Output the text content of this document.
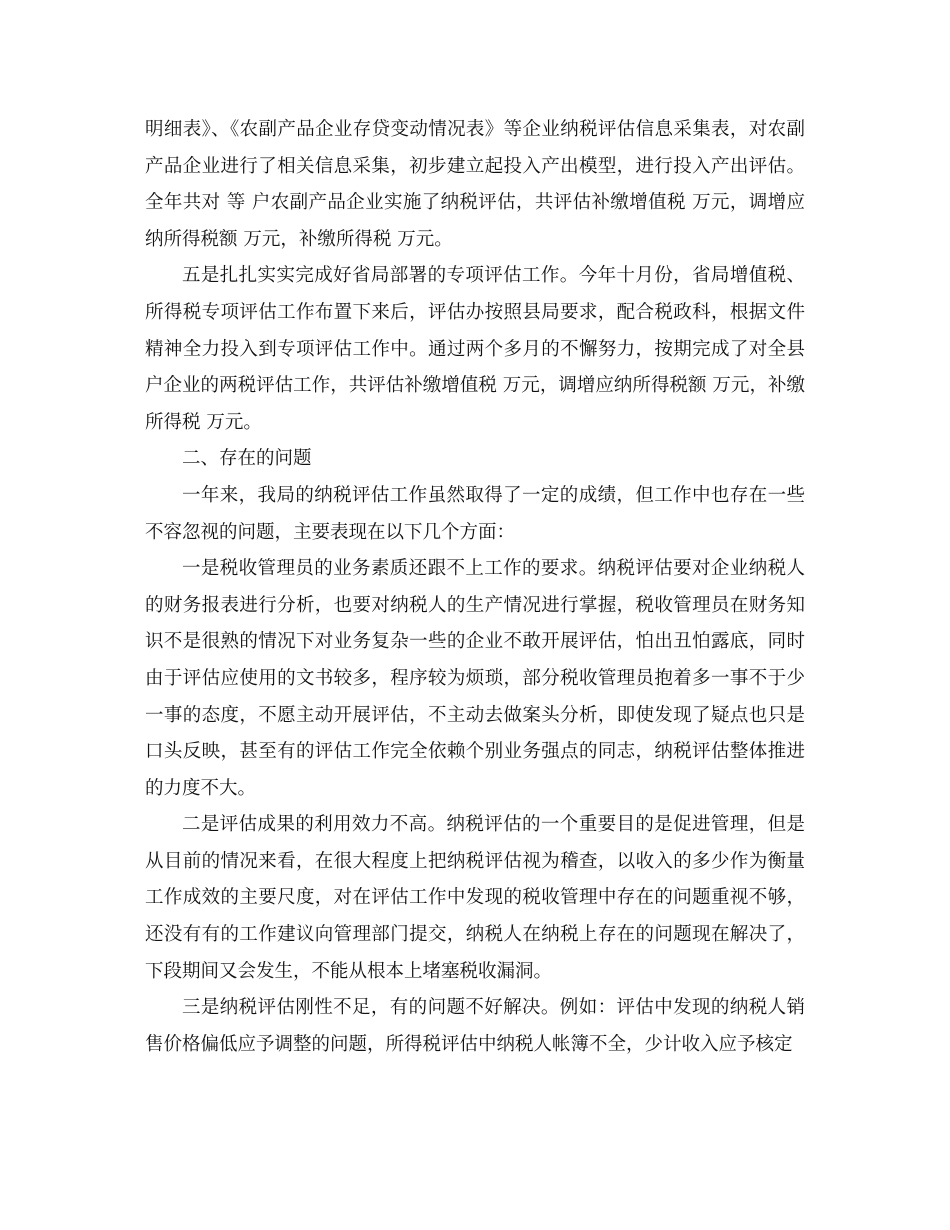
明细表》、《农副产品企业存贷变动情况表》等企业纳税评估信息采集表，对农副产品企业进行了相关信息采集，初步建立起投入产出模型，进行投入产出评估。全年共对 等 户农副产品企业实施了纳税评估，共评估补缴增值税 万元，调增应纳所得税额 万元，补缴所得税 万元。

五是扎扎实实完成好省局部署的专项评估工作。今年十月份，省局增值税、所得税专项评估工作布置下来后，评估办按照县局要求，配合税政科，根据文件精神全力投入到专项评估工作中。通过两个多月的不懈努力，按期完成了对全县 户企业的两税评估工作，共评估补缴增值税 万元，调增应纳所得税额 万元，补缴所得税 万元。

二、存在的问题

一年来，我局的纳税评估工作虽然取得了一定的成绩，但工作中也存在一些不容忽视的问题，主要表现在以下几个方面：

一是税收管理员的业务素质还跟不上工作的要求。纳税评估要对企业纳税人的财务报表进行分析，也要对纳税人的生产情况进行掌握，税收管理员在财务知识不是很熟的情况下对业务复杂一些的企业不敢开展评估，怕出丑怕露底，同时由于评估应使用的文书较多，程序较为烦琐，部分税收管理员抱着多一事不于少一事的态度，不愿主动开展评估，不主动去做案头分析，即使发现了疑点也只是口头反映，甚至有的评估工作完全依赖个别业务强点的同志，纳税评估整体推进的力度不大。

二是评估成果的利用效力不高。纳税评估的一个重要目的是促进管理，但是从目前的情况来看，在很大程度上把纳税评估视为稽查，以收入的多少作为衡量工作成效的主要尺度，对在评估工作中发现的税收管理中存在的问题重视不够，还没有有的工作建议向管理部门提交，纳税人在纳税上存在的问题现在解决了，下段期间又会发生，不能从根本上堵塞税收漏洞。

三是纳税评估刚性不足，有的问题不好解决。例如：评估中发现的纳税人销售价格偏低应予调整的问题，所得税评估中纳税人帐簿不全，少计收入应予核定
